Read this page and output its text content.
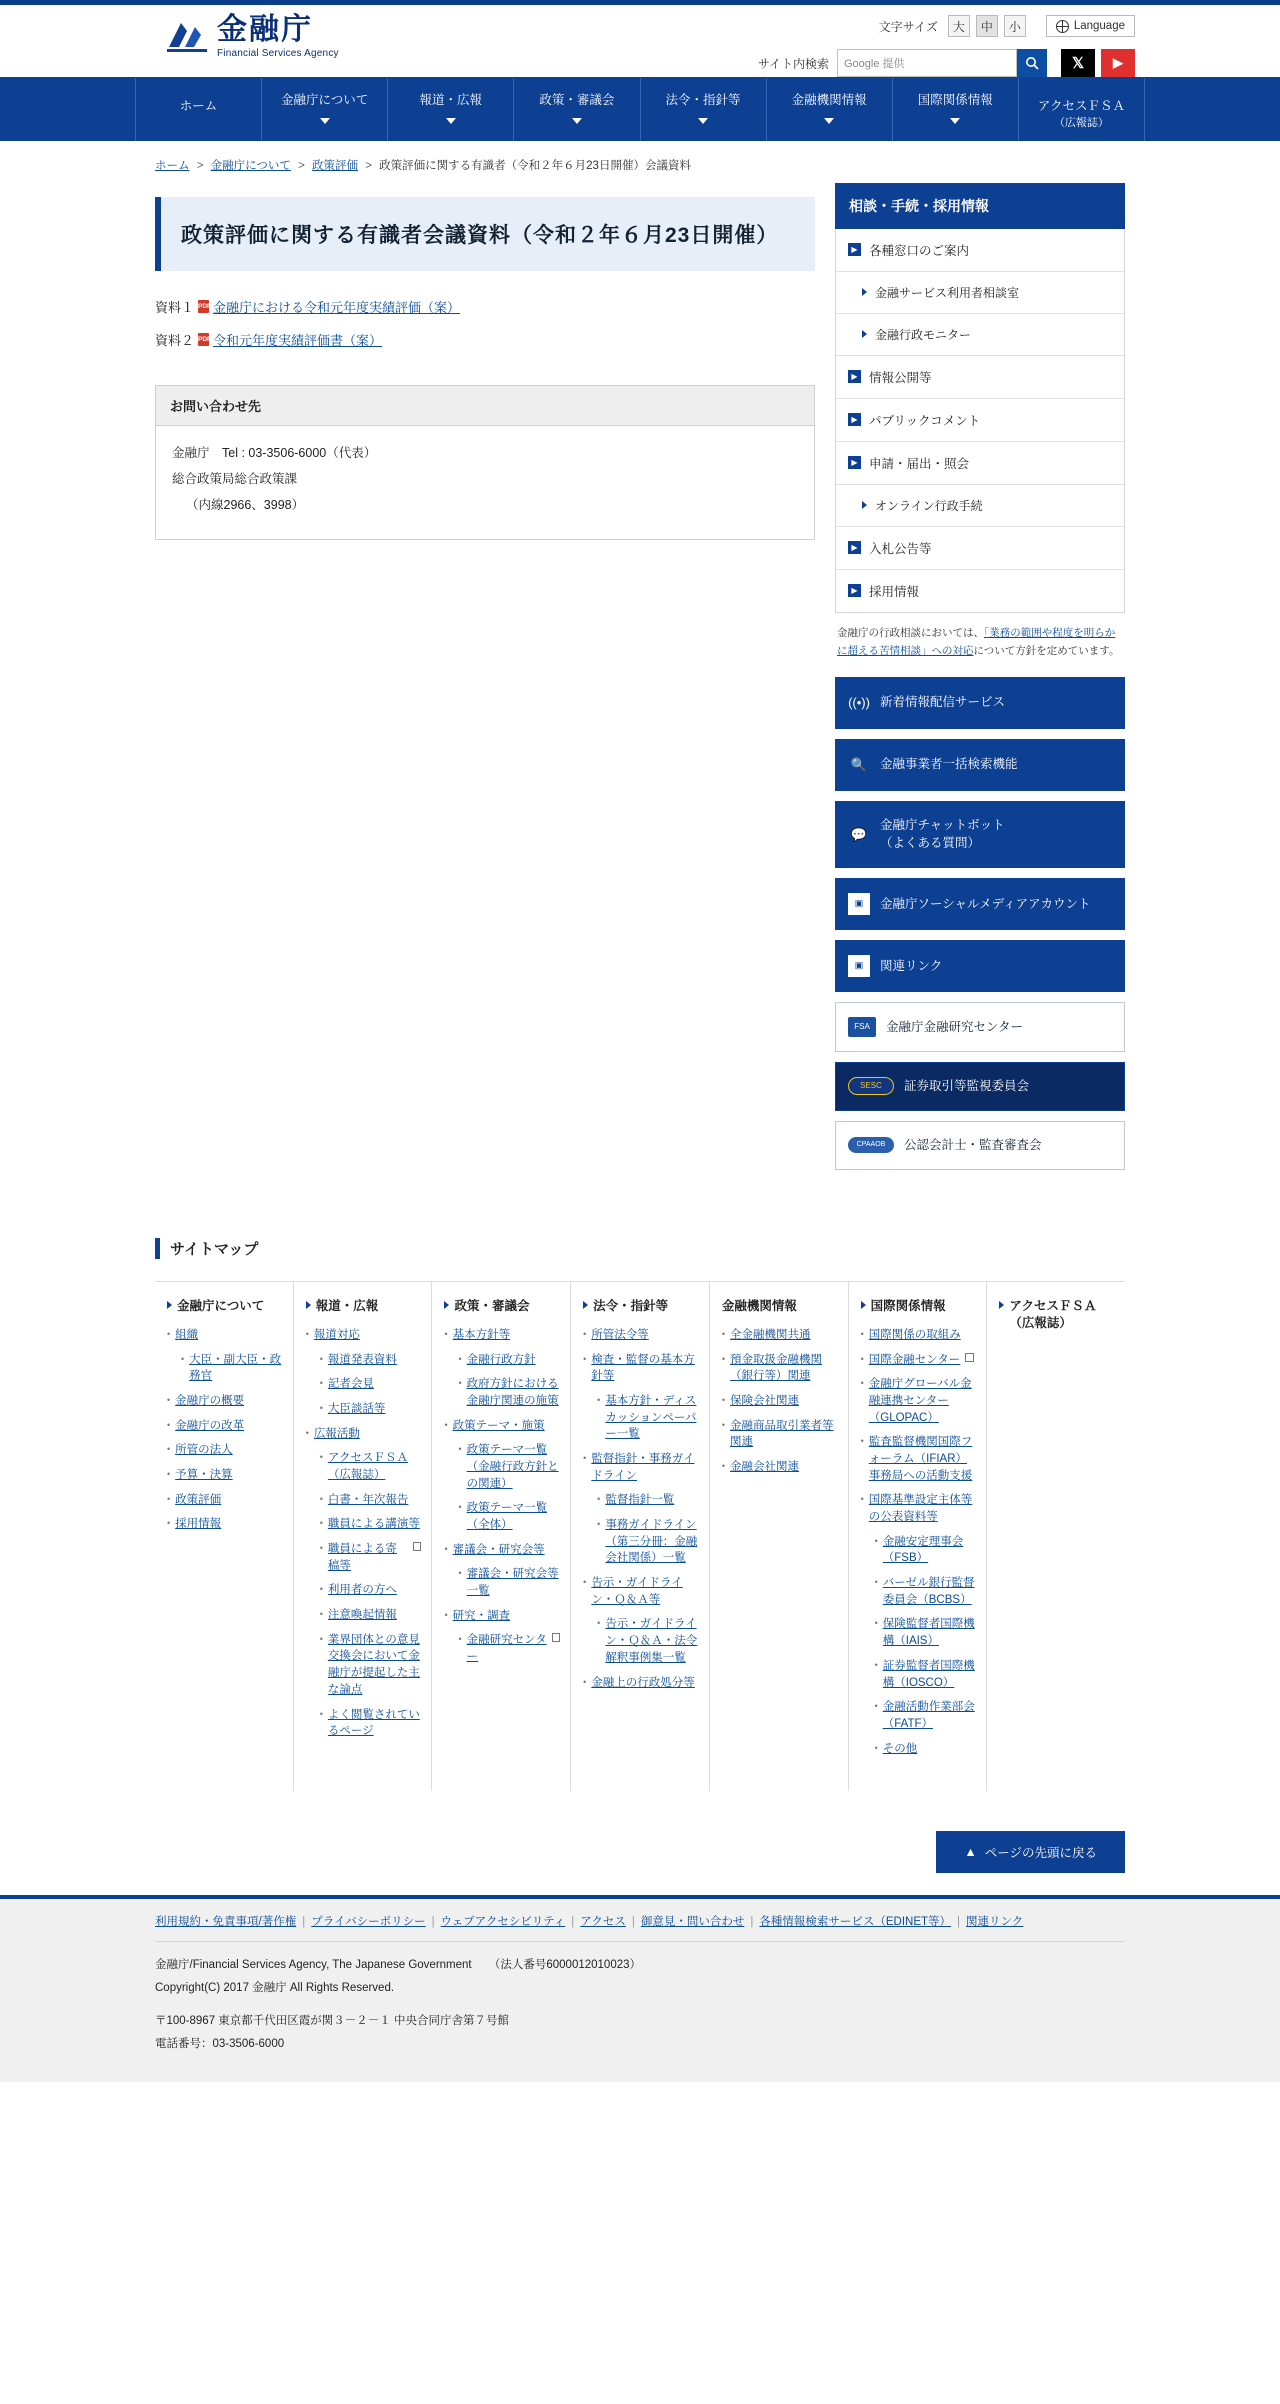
金融庁
Financial Services Agency
文字サイズ	大	中	小	Language
サイト内検索 Google 提供	𝕏	▶
ホーム	金融庁について	報道・広報	政策・審議会	法令・指針等	金融機関情報	国際関係情報	アクセスＦＳＡ
（広報誌）
ホーム > 金融庁について > 政策評価 > 政策評価に関する有識者（令和２年６月23日開催）会議資料
政策評価に関する有識者会議資料（令和２年６月23日開催）
資料１ PDF 金融庁における令和元年度実績評価（案）
資料２ PDF 令和元年度実績評価書（案）
お問い合わせ先
金融庁　Tel : 03-3506-6000（代表）
総合政策局総合政策課
（内線2966、3998）
相談・手続・採用情報
▶ 各種窓口のご案内
金融サービス利用者相談室
金融行政モニター
▶ 情報公開等
▶ パブリックコメント
▶ 申請・届出・照会
オンライン行政手続
▶ 入札公告等
▶ 採用情報

金融庁の行政相談においては、「業務の範囲や程度を明らかに超える苦情相談」への対応について方針を定めています。

((•)) 新着情報配信サービス
🔍 金融事業者一括検索機能
💬
金融庁チャットボット
（よくある質問）
▣	金融庁ソーシャルメディアアカウント
▣	関連リンク
FSA	金融庁金融研究センター
SESC	証券取引等監視委員会
CPAAOB	公認会計士・監査審査会
サイトマップ
金融庁について
• 組織
• 大臣・副大臣・政務官
• 金融庁の概要
• 金融庁の改革
• 所管の法人
• 予算・決算
• 政策評価
• 採用情報
報道・広報
• 報道対応
• 報道発表資料
• 記者会見
• 大臣談話等
• 広報活動
• アクセスＦＳＡ（広報誌）
• 白書・年次報告
• 職員による講演等
• 職員による寄稿等
• 利用者の方へ
• 注意喚起情報
• 業界団体との意見交換会において金融庁が提起した主な論点
• よく閲覧されているページ
政策・審議会
• 基本方針等
• 金融行政方針
• 政府方針における金融庁関連の施策
• 政策テーマ・施策
• 政策テーマ一覧（金融行政方針との関連）
• 政策テーマ一覧（全体）
• 審議会・研究会等
• 審議会・研究会等一覧
• 研究・調査
• 金融研究センター
法令・指針等
• 所管法令等
• 検査・監督の基本方針等
• 基本方針・ディスカッションペーパー一覧
• 監督指針・事務ガイドライン
• 監督指針一覧
• 事務ガイドライン（第三分冊：金融会社関係）一覧
• 告示・ガイドライン・Ｑ＆Ａ等
• 告示・ガイドライン・Ｑ＆Ａ・法令解釈事例集一覧
• 金融上の行政処分等
金融機関情報
• 全金融機関共通
• 預金取扱金融機関（銀行等）関連
• 保険会社関連
• 金融商品取引業者等関連
• 金融会社関連
国際関係情報
• 国際関係の取組み
• 国際金融センター
• 金融庁グローバル金融連携センター（GLOPAC）
• 監査監督機関国際フォーラム（IFIAR）事務局への活動支援
• 国際基準設定主体等の公表資料等
• 金融安定理事会（FSB）
• バーゼル銀行監督委員会（BCBS）
• 保険監督者国際機構（IAIS）
• 証券監督者国際機構（IOSCO）
• 金融活動作業部会（FATF）
• その他
アクセスＦＳＡ（広報誌）
▲ ページの先頭に戻る
利用規約・免責事項/著作権 | プライバシーポリシー | ウェブアクセシビリティ | アクセス | 御意見・問い合わせ | 各種情報検索サービス（EDINET等） | 関連リンク
金融庁/Financial Services Agency, The Japanese Government　　（法人番号6000012010023）
Copyright(C) 2017 金融庁 All Rights Reserved.
〒100-8967 東京都千代田区霞が関３－２－１ 中央合同庁舎第７号館
電話番号：03-3506-6000
